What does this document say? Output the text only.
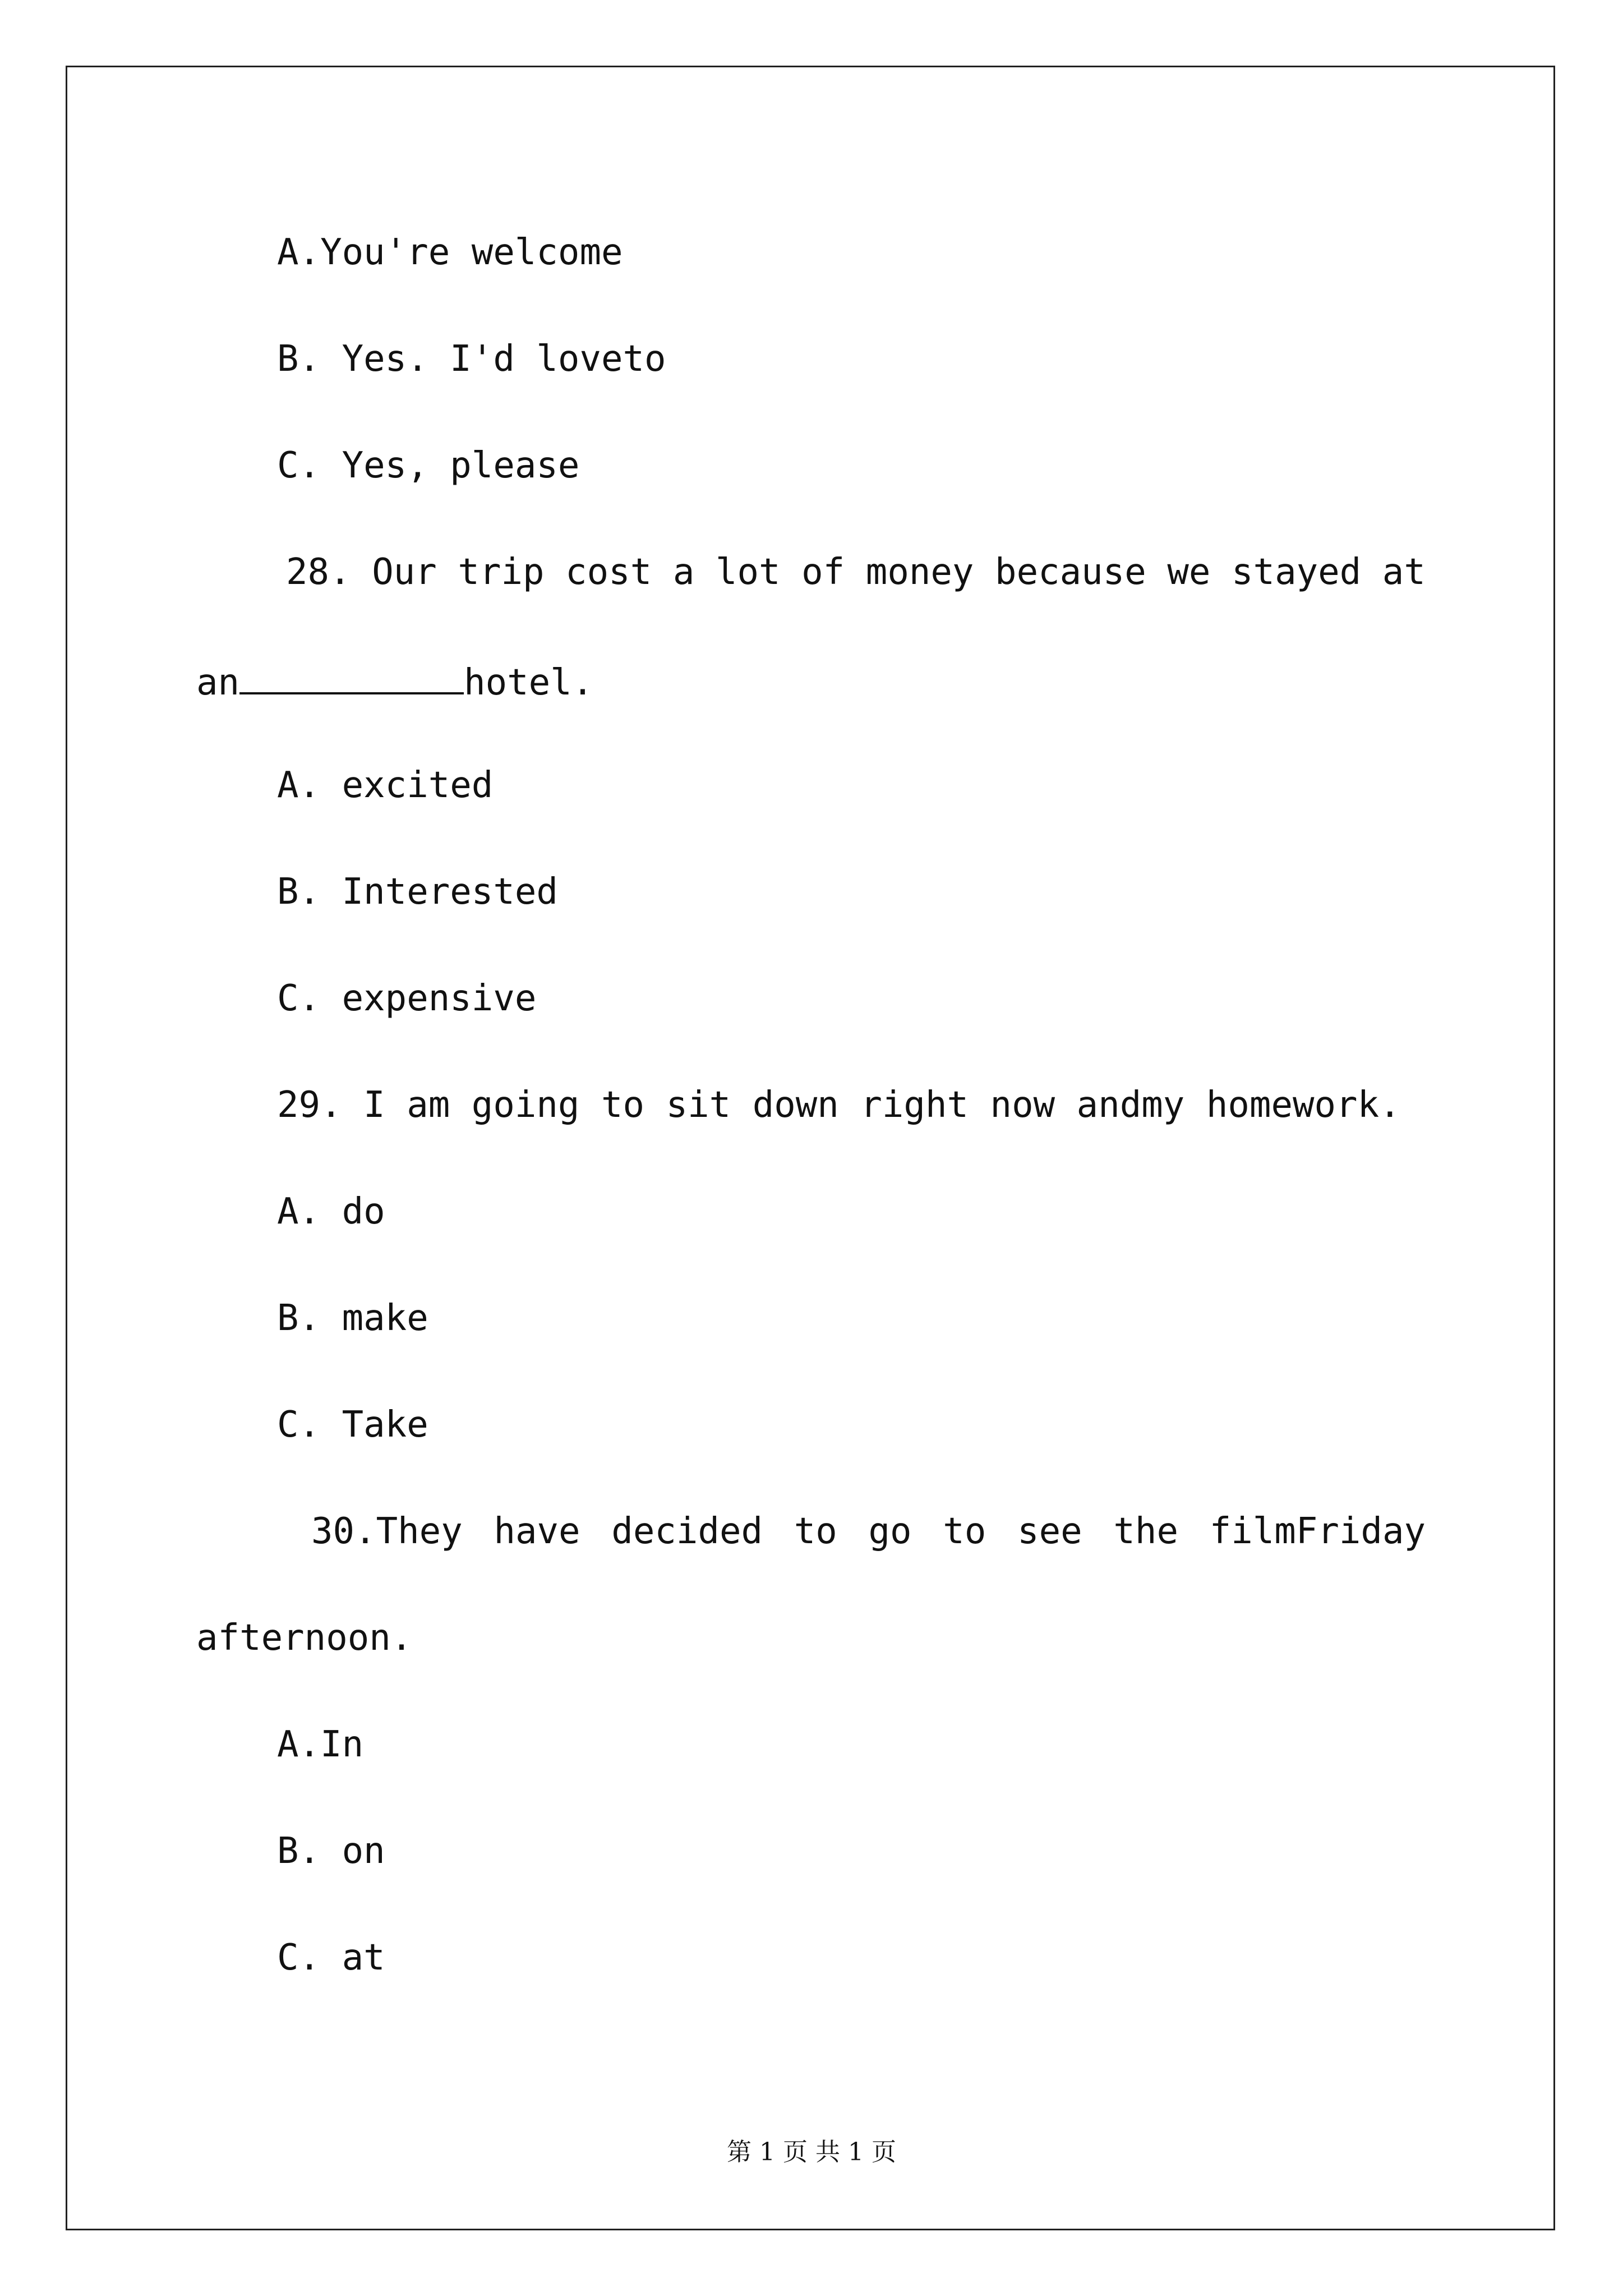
A.You're welcome
B. Yes. I'd loveto
C. Yes, please
28. Our trip cost a lot of money because we stayed at
an	hotel.
A. excited
B. Interested
C. expensive
29. I am going to sit down right now andmy homework.
A. do
B. make
C. Take
30.They have decided to go to see the filmFriday
afternoon.
A.In
B. on
C. at
第 1 页 共 1 页
